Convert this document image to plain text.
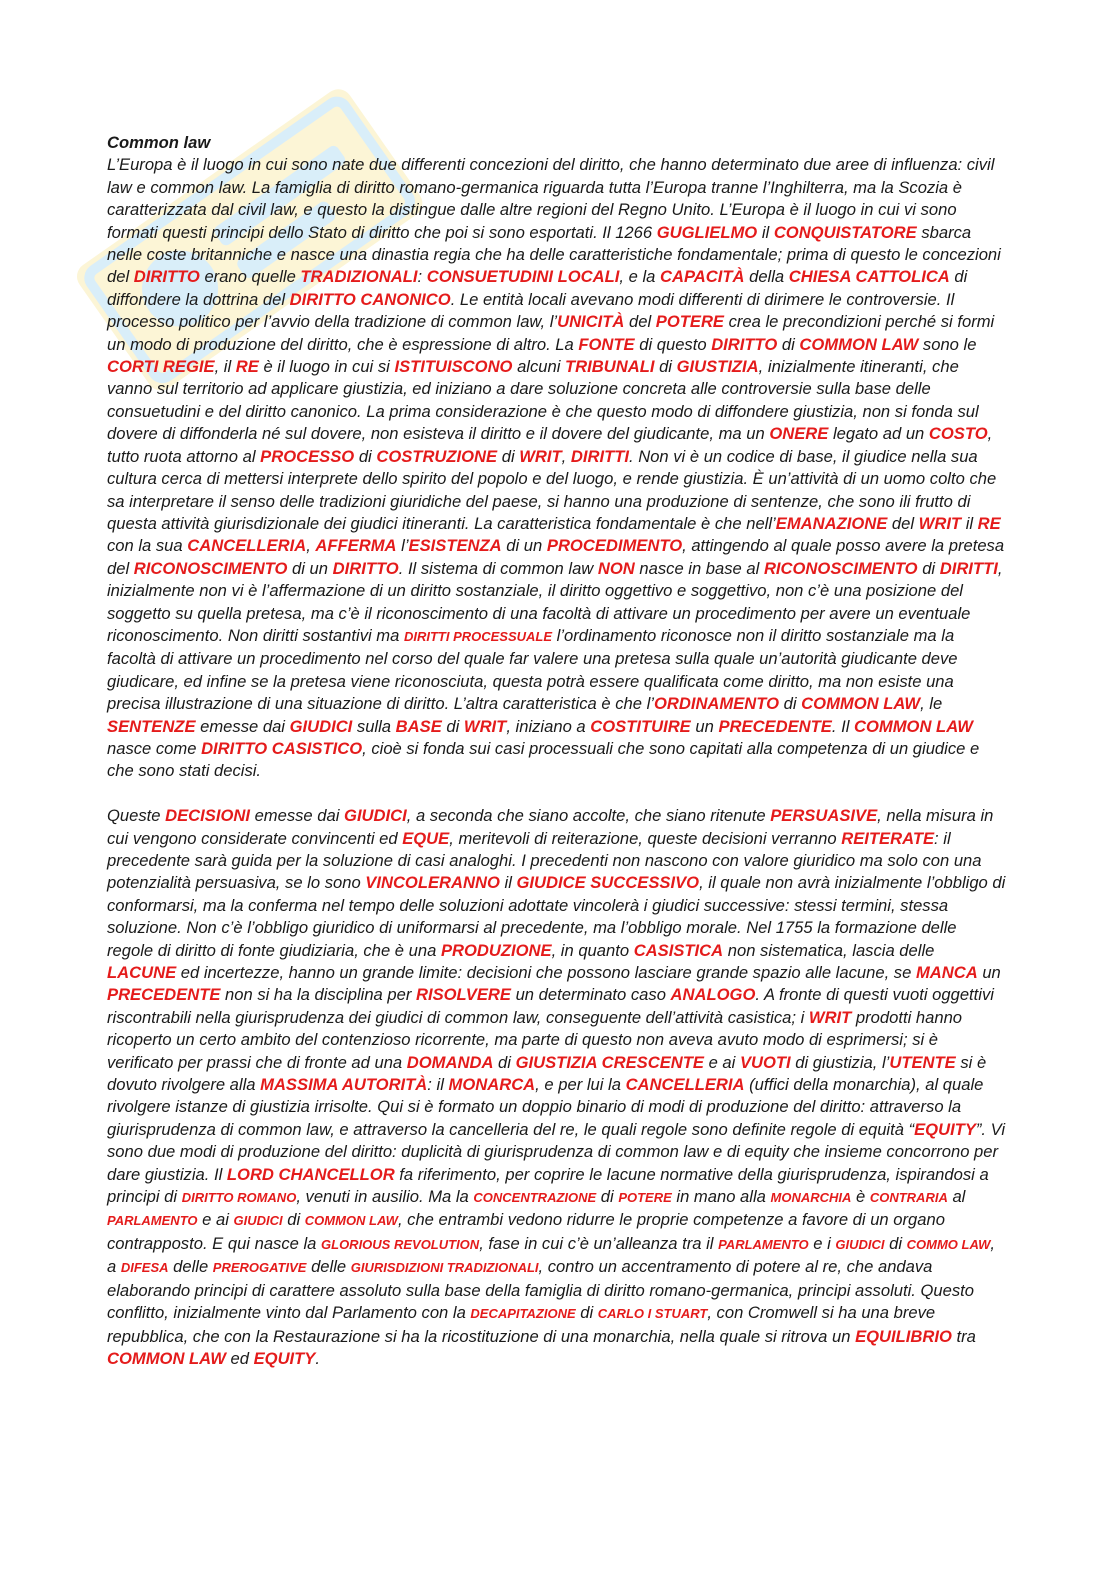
Common law

L’Europa è il luogo in cui sono nate due differenti concezioni del diritto, che hanno determinato due aree di influenza: civil law e common law. La famiglia di diritto romano-germanica riguarda tutta l’Europa tranne l’Inghilterra, ma la Scozia è caratterizzata dal civil law, e questo la distingue dalle altre regioni del Regno Unito. L’Europa è il luogo in cui vi sono formati questi principi dello Stato di diritto che poi si sono esportati. Il 1266 GUGLIELMO il CONQUISTATORE sbarca nelle coste britanniche e nasce una dinastia regia che ha delle caratteristiche fondamentale; prima di questo le concezioni del DIRITTO erano quelle TRADIZIONALI: CONSUETUDINI LOCALI, e la CAPACITÀ della CHIESA CATTOLICA di diffondere la dottrina del DIRITTO CANONICO. Le entità locali avevano modi differenti di dirimere le controversie. Il processo politico per l’avvio della tradizione di common law, l’UNICITÀ del POTERE crea le precondizioni perché si formi un modo di produzione del diritto, che è espressione di altro. La FONTE di questo DIRITTO di COMMON LAW sono le CORTI REGIE, il RE è il luogo in cui si ISTITUISCONO alcuni TRIBUNALI di GIUSTIZIA, inizialmente itineranti, che vanno sul territorio ad applicare giustizia, ed iniziano a dare soluzione concreta alle controversie sulla base delle consuetudini e del diritto canonico. La prima considerazione è che questo modo di diffondere giustizia, non si fonda sul dovere di diffonderla né sul dovere, non esisteva il diritto e il dovere del giudicante, ma un ONERE legato ad un COSTO, tutto ruota attorno al PROCESSO di COSTRUZIONE di WRIT, DIRITTI. Non vi è un codice di base, il giudice nella sua cultura cerca di mettersi interprete dello spirito del popolo e del luogo, e rende giustizia. È un’attività di un uomo colto che sa interpretare il senso delle tradizioni giuridiche del paese, si hanno una produzione di sentenze, che sono ili frutto di questa attività giurisdizionale dei giudici itineranti. La caratteristica fondamentale è che nell’EMANAZIONE del WRIT il RE con la sua CANCELLERIA, AFFERMA l’ESISTENZA di un PROCEDIMENTO, attingendo al quale posso avere la pretesa del RICONOSCIMENTO di un DIRITTO. Il sistema di common law NON nasce in base al RICONOSCIMENTO di DIRITTI, inizialmente non vi è l’affermazione di un diritto sostanziale, il diritto oggettivo e soggettivo, non c’è una posizione del soggetto su quella pretesa, ma c’è il riconoscimento di una facoltà di attivare un procedimento per avere un eventuale riconoscimento. Non diritti sostantivi ma DIRITTI PROCESSUALE l’ordinamento riconosce non il diritto sostanziale ma la facoltà di attivare un procedimento nel corso del quale far valere una pretesa sulla quale un’autorità giudicante deve giudicare, ed infine se la pretesa viene riconosciuta, questa potrà essere qualificata come diritto, ma non esiste una precisa illustrazione di una situazione di diritto. L’altra caratteristica è che l’ORDINAMENTO di COMMON LAW, le SENTENZE emesse dai GIUDICI sulla BASE di WRIT, iniziano a COSTITUIRE un PRECEDENTE. Il COMMON LAW nasce come DIRITTO CASISTICO, cioè si fonda sui casi processuali che sono capitati alla competenza di un giudice e che sono stati decisi.

Queste DECISIONI emesse dai GIUDICI, a seconda che siano accolte, che siano ritenute PERSUASIVE, nella misura in cui vengono considerate convincenti ed EQUE, meritevoli di reiterazione, queste decisioni verranno REITERATE: il precedente sarà guida per la soluzione di casi analoghi. I precedenti non nascono con valore giuridico ma solo con una potenzialità persuasiva, se lo sono VINCOLERANNO il GIUDICE SUCCESSIVO, il quale non avrà inizialmente l’obbligo di conformarsi, ma la conferma nel tempo delle soluzioni adottate vincolerà i giudici successive: stessi termini, stessa soluzione. Non c’è l’obbligo giuridico di uniformarsi al precedente, ma l’obbligo morale. Nel 1755 la formazione delle regole di diritto di fonte giudiziaria, che è una PRODUZIONE, in quanto CASISTICA non sistematica, lascia delle LACUNE ed incertezze, hanno un grande limite: decisioni che possono lasciare grande spazio alle lacune, se MANCA un PRECEDENTE non si ha la disciplina per RISOLVERE un determinato caso ANALOGO. A fronte di questi vuoti oggettivi riscontrabili nella giurisprudenza dei giudici di common law, conseguente dell’attività casistica; i WRIT prodotti hanno ricoperto un certo ambito del contenzioso ricorrente, ma parte di questo non aveva avuto modo di esprimersi; si è verificato per prassi che di fronte ad una DOMANDA di GIUSTIZIA CRESCENTE e ai VUOTI di giustizia, l’UTENTE si è dovuto rivolgere alla MASSIMA AUTORITÀ: il MONARCA, e per lui la CANCELLERIA (uffici della monarchia), al quale rivolgere istanze di giustizia irrisolte. Qui si è formato un doppio binario di modi di produzione del diritto: attraverso la giurisprudenza di common law, e attraverso la cancelleria del re, le quali regole sono definite regole di equità “EQUITY”. Vi sono due modi di produzione del diritto: duplicità di giurisprudenza di common law e di equity che insieme concorrono per dare giustizia. Il LORD CHANCELLOR fa riferimento, per coprire le lacune normative della giurisprudenza, ispirandosi a principi di DIRITTO ROMANO, venuti in ausilio. Ma la CONCENTRAZIONE di POTERE in mano alla MONARCHIA è CONTRARIA al PARLAMENTO e ai GIUDICI di COMMON LAW, che entrambi vedono ridurre le proprie competenze a favore di un organo contrapposto. E qui nasce la GLORIOUS REVOLUTION, fase in cui c’è un’alleanza tra il PARLAMENTO e i GIUDICI di COMMO LAW, a DIFESA delle PREROGATIVE delle GIURISDIZIONI TRADIZIONALI, contro un accentramento di potere al re, che andava elaborando principi di carattere assoluto sulla base della famiglia di diritto romano-germanica, principi assoluti. Questo conflitto, inizialmente vinto dal Parlamento con la DECAPITAZIONE di CARLO I STUART, con Cromwell si ha una breve repubblica, che con la Restaurazione si ha la ricostituzione di una monarchia, nella quale si ritrova un EQUILIBRIO tra COMMON LAW ed EQUITY.
